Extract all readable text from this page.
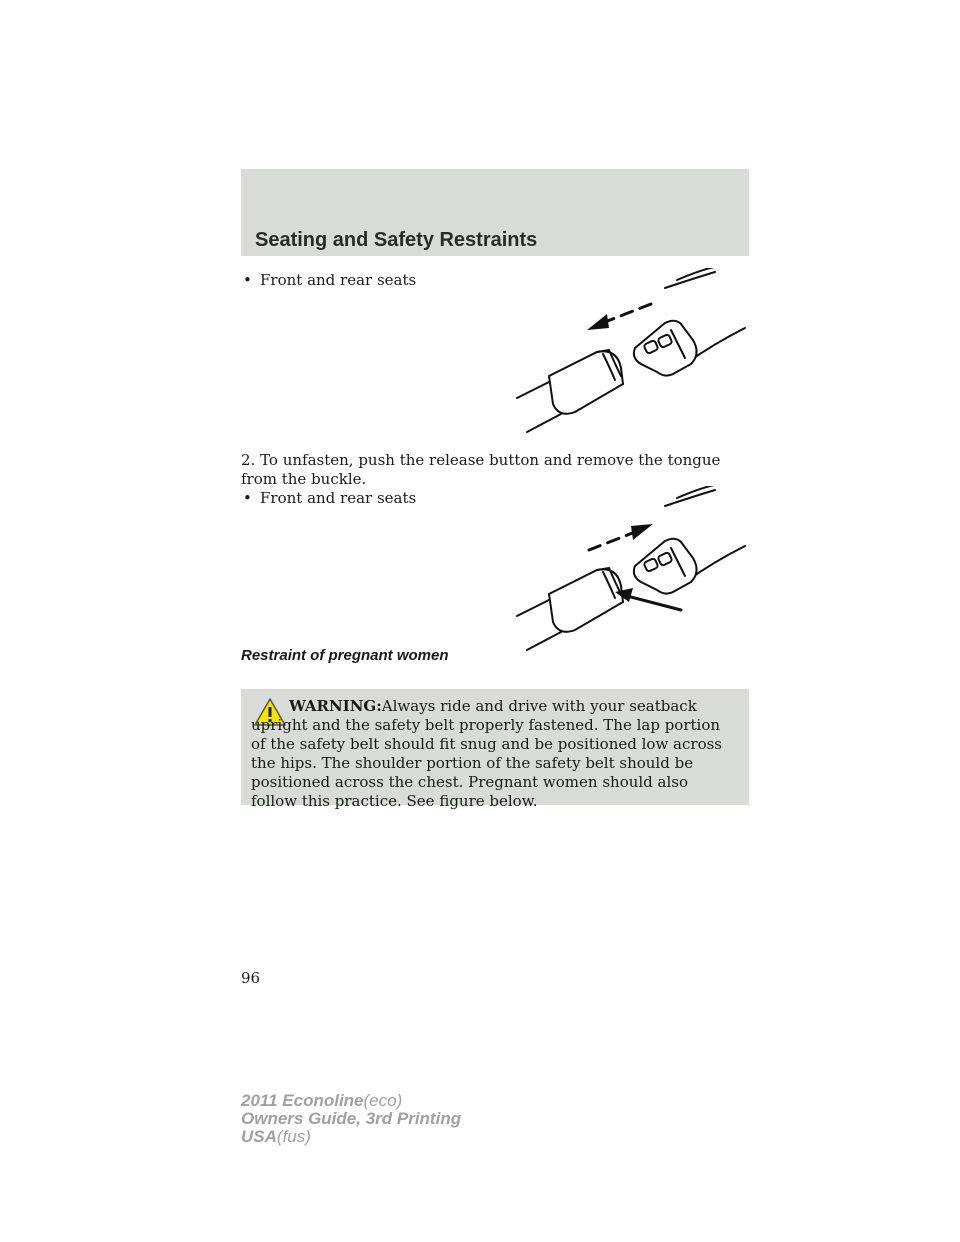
Seating and Safety Restraints
• Front and rear seats
2. To unfasten, push the release button and remove the tongue from the buckle.
• Front and rear seats
Restraint of pregnant women
WARNING:Always ride and drive with your seatback upright and the safety belt properly fastened. The lap portion of the safety belt should fit snug and be positioned low across the hips. The shoulder portion of the safety belt should be positioned across the chest. Pregnant women should also follow this practice. See figure below.
96
2011 Econoline(eco)
Owners Guide, 3rd Printing
USA(fus)
